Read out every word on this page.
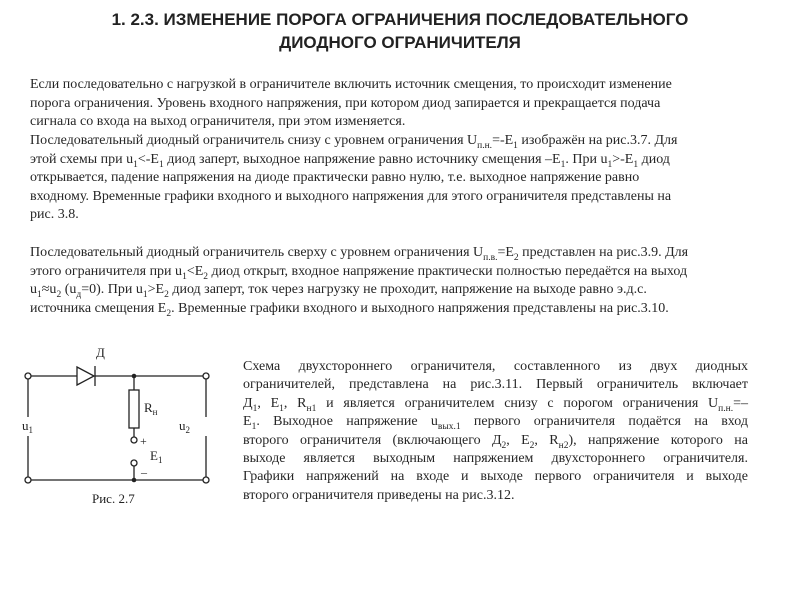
1. 2.3. ИЗМЕНЕНИЕ ПОРОГА ОГРАНИЧЕНИЯ ПОСЛЕДОВАТЕЛЬНОГО
ДИОДНОГО ОГРАНИЧИТЕЛЯ
Если последовательно с нагрузкой в ограничителе включить источник смещения, то происходит изменение
порога ограничения. Уровень входного напряжения, при котором диод запирается и прекращается подача
сигнала со входа на выход ограничителя, при этом изменяется.
Последовательный диодный ограничитель снизу с уровнем ограничения $U_{п.н.}=-E_1$ изображён на рис.3.7. Для
этой схемы при $u_1<-E_1$ диод заперт, выходное напряжение равно источнику смещения $-E_1$. При $u_1>-E_1$ диод
открывается, падение напряжения на диоде практически равно нулю, т.е. выходное напряжение равно
входному. Временные графики входного и выходного напряжения для этого ограничителя представлены на
рис. 3.8.
Последовательный диодный ограничитель сверху с уровнем ограничения $U_{п.в.}=E_2$ представлен на рис.3.9. Для
этого ограничителя при $u_1<E_2$ диод открыт, входное напряжение практически полностью передаётся на выход
$u_1\approx u_2$ $(u_д=0)$. При $u_1>E_2$ диод заперт, ток через нагрузку не проходит, напряжение на выходе равно э.д.с.
источника смещения $E_2$. Временные графики входного и выходного напряжения представлены на рис.3.10.
Д
$R_н$
$u_1$	$u_2$
+
$E_1$
–
Рис. 2.7
Схема двухстороннего ограничителя, составленного из двух диодных
ограничителей, представлена на рис.3.11. Первый ограничитель включает
$Д_1$, $E_1$, $R_{н1}$ и является ограничителем снизу с порогом ограничения $U_{п.н.}=-$
$E_1$. Выходное напряжение $u_{вых.1}$ первого ограничителя подаётся на вход
второго ограничителя (включающего $Д_2$, $E_2$, $R_{н2}$), напряжение которого на
выходе является выходным напряжением двухстороннего ограничителя.
Графики напряжений на входе и выходе первого ограничителя и выходе
второго ограничителя приведены на рис.3.12.
